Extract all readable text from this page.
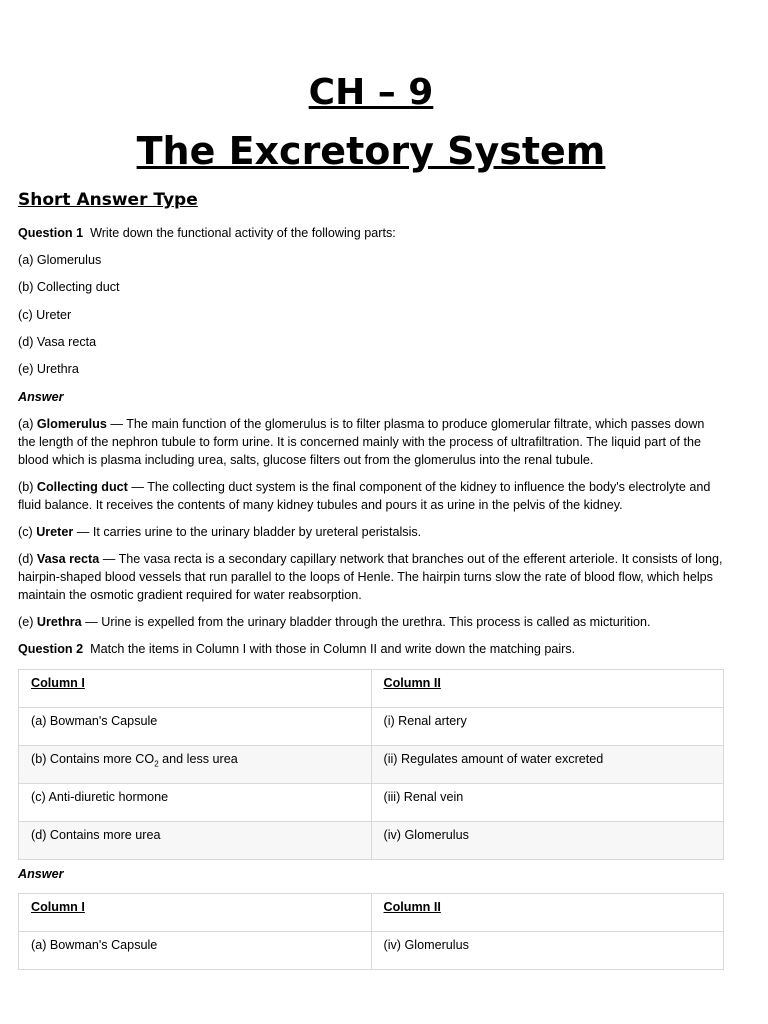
CH – 9
The Excretory System
Short Answer Type
Question 1 Write down the functional activity of the following parts:
(a) Glomerulus
(b) Collecting duct
(c) Ureter
(d) Vasa recta
(e) Urethra
Answer
(a) Glomerulus — The main function of the glomerulus is to filter plasma to produce glomerular filtrate, which passes down the length of the nephron tubule to form urine. It is concerned mainly with the process of ultrafiltration. The liquid part of the blood which is plasma including urea, salts, glucose filters out from the glomerulus into the renal tubule.
(b) Collecting duct — The collecting duct system is the final component of the kidney to influence the body's electrolyte and fluid balance. It receives the contents of many kidney tubules and pours it as urine in the pelvis of the kidney.
(c) Ureter — It carries urine to the urinary bladder by ureteral peristalsis.
(d) Vasa recta — The vasa recta is a secondary capillary network that branches out of the efferent arteriole. It consists of long, hairpin-shaped blood vessels that run parallel to the loops of Henle. The hairpin turns slow the rate of blood flow, which helps maintain the osmotic gradient required for water reabsorption.
(e) Urethra — Urine is expelled from the urinary bladder through the urethra. This process is called as micturition.
Question 2 Match the items in Column I with those in Column II and write down the matching pairs.
Column I	Column II
(a) Bowman's Capsule	(i) Renal artery
(b) Contains more $CO_2$ and less urea	(ii) Regulates amount of water excreted
(c) Anti-diuretic hormone	(iii) Renal vein
(d) Contains more urea	(iv) Glomerulus
Answer
Column I	Column II
(a) Bowman's Capsule	(iv) Glomerulus
